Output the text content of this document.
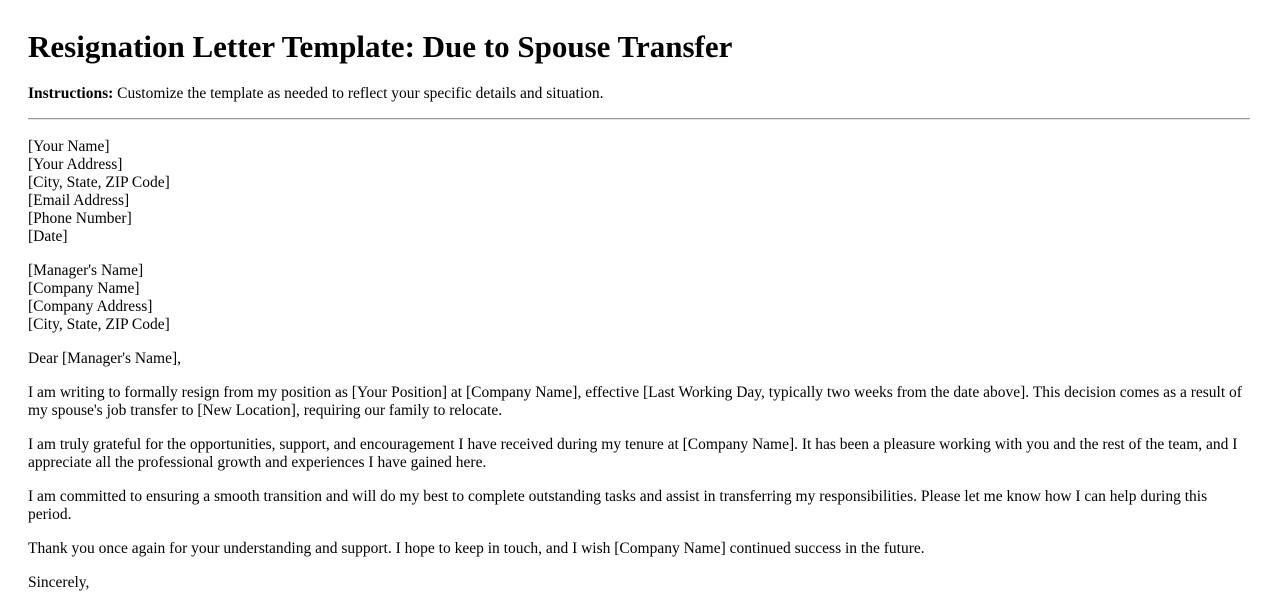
Resignation Letter Template: Due to Spouse Transfer
Instructions: Customize the template as needed to reflect your specific details and situation.
[Your Name]
[Your Address]
[City, State, ZIP Code]
[Email Address]
[Phone Number]
[Date]
[Manager's Name]
[Company Name]
[Company Address]
[City, State, ZIP Code]

Dear [Manager's Name],

I am writing to formally resign from my position as [Your Position] at [Company Name], effective [Last Working Day, typically two weeks from the date above]. This decision comes as a result of my spouse's job transfer to [New Location], requiring our family to relocate.

I am truly grateful for the opportunities, support, and encouragement I have received during my tenure at [Company Name]. It has been a pleasure working with you and the rest of the team, and I appreciate all the professional growth and experiences I have gained here.

I am committed to ensuring a smooth transition and will do my best to complete outstanding tasks and assist in transferring my responsibilities. Please let me know how I can help during this period.

Thank you once again for your understanding and support. I hope to keep in touch, and I wish [Company Name] continued success in the future.

Sincerely,
